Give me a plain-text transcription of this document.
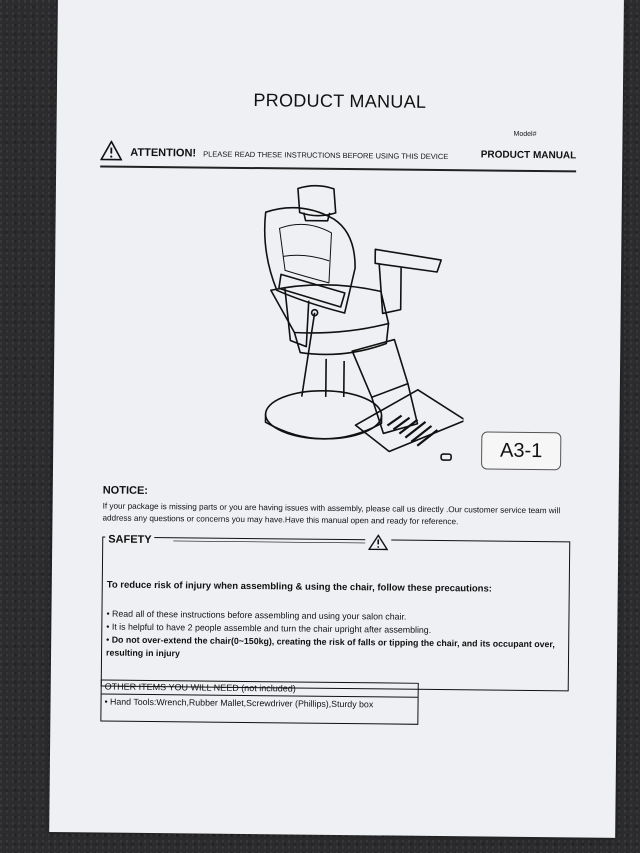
PRODUCT MANUAL
Model#
ATTENTION! PLEASE READ THESE INSTRUCTIONS BEFORE USING THIS DEVICE	PRODUCT MANUAL
A3-1
NOTICE:
If your package is missing parts or you are having issues with assembly, please call us directly .Our customer service team will address any questions or concerns you may have.Have this manual open and ready for reference.
SAFETY
To reduce risk of injury when assembling & using the chair, follow these precautions:
• Read all of these instructions before assembling and using your salon chair.
• It is helpful to have 2 people assemble and turn the chair upright after assembling.
• Do not over-extend the chair(0~150kg), creating the risk of falls or tipping the chair, and its occupant over, resulting in injury
OTHER ITEMS YOU WILL NEED (not included)
• Hand Tools:Wrench,Rubber Mallet,Screwdriver (Phillips),Sturdy box
